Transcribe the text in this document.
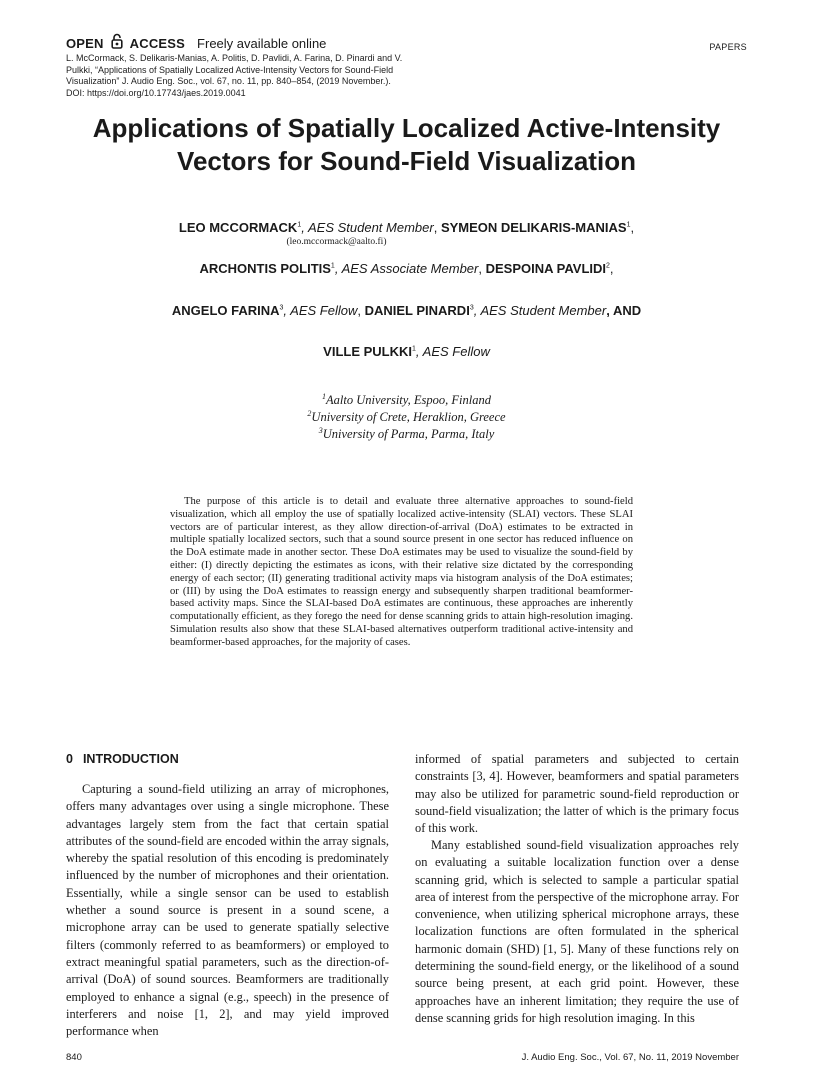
OPEN ACCESS Freely available online	PAPERS
L. McCormack, S. Delikaris-Manias, A. Politis, D. Pavlidi, A. Farina, D. Pinardi and V.
Pulkki, “Applications of Spatially Localized Active-Intensity Vectors for Sound-Field
Visualization” J. Audio Eng. Soc., vol. 67, no. 11, pp. 840–854, (2019 November.).
DOI: https://doi.org/10.17743/jaes.2019.0041
Applications of Spatially Localized Active-Intensity
Vectors for Sound-Field Visualization
LEO MCCORMACK$^1$, AES Student Member, SYMEON DELIKARIS-MANIAS$^1$,
(leo.mccormack@aalto.fi)
ARCHONTIS POLITIS$^1$, AES Associate Member, DESPOINA PAVLIDI$^2$,
ANGELO FARINA$^3$, AES Fellow, DANIEL PINARDI$^3$, AES Student Member, AND
VILLE PULKKI$^1$, AES Fellow
$^1$Aalto University, Espoo, Finland
$^2$University of Crete, Heraklion, Greece
$^3$University of Parma, Parma, Italy

The purpose of this article is to detail and evaluate three alternative approaches to sound-field visualization, which all employ the use of spatially localized active-intensity (SLAI) vectors. These SLAI vectors are of particular interest, as they allow direction-of-arrival (DoA) estimates to be extracted in multiple spatially localized sectors, such that a sound source present in one sector has reduced influence on the DoA estimate made in another sector. These DoA estimates may be used to visualize the sound-field by either: (I) directly depicting the estimates as icons, with their relative size dictated by the corresponding energy of each sector; (II) generating traditional activity maps via histogram analysis of the DoA estimates; or (III) by using the DoA estimates to reassign energy and subsequently sharpen traditional beamformer-based activity maps. Since the SLAI-based DoA estimates are continuous, these approaches are inherently computationally efficient, as they forego the need for dense scanning grids to attain high-resolution imaging. Simulation results also show that these SLAI-based alternatives outperform traditional active-intensity and beamformer-based approaches, for the majority of cases.

0 INTRODUCTION

Capturing a sound-field utilizing an array of microphones, offers many advantages over using a single microphone. These advantages largely stem from the fact that certain spatial attributes of the sound-field are encoded within the array signals, whereby the spatial resolution of this encoding is predominately influenced by the number of microphones and their orientation. Essentially, while a single sensor can be used to establish whether a sound source is present in a sound scene, a microphone array can be used to generate spatially selective filters (commonly referred to as beamformers) or employed to extract meaningful spatial parameters, such as the direction-of-arrival (DoA) of sound sources. Beamformers are traditionally employed to enhance a signal (e.g., speech) in the presence of interferers and noise [1, 2], and may yield improved performance when

informed of spatial parameters and subjected to certain constraints [3, 4]. However, beamformers and spatial parameters may also be utilized for parametric sound-field reproduction or sound-field visualization; the latter of which is the primary focus of this work.

Many established sound-field visualization approaches rely on evaluating a suitable localization function over a dense scanning grid, which is selected to sample a particular spatial area of interest from the perspective of the microphone array. For convenience, when utilizing spherical microphone arrays, these localization functions are often formulated in the spherical harmonic domain (SHD) [1, 5]. Many of these functions rely on determining the sound-field energy, or the likelihood of a sound source being present, at each grid point. However, these approaches have an inherent limitation; they require the use of dense scanning grids for high resolution imaging. In this

840	J. Audio Eng. Soc., Vol. 67, No. 11, 2019 November
